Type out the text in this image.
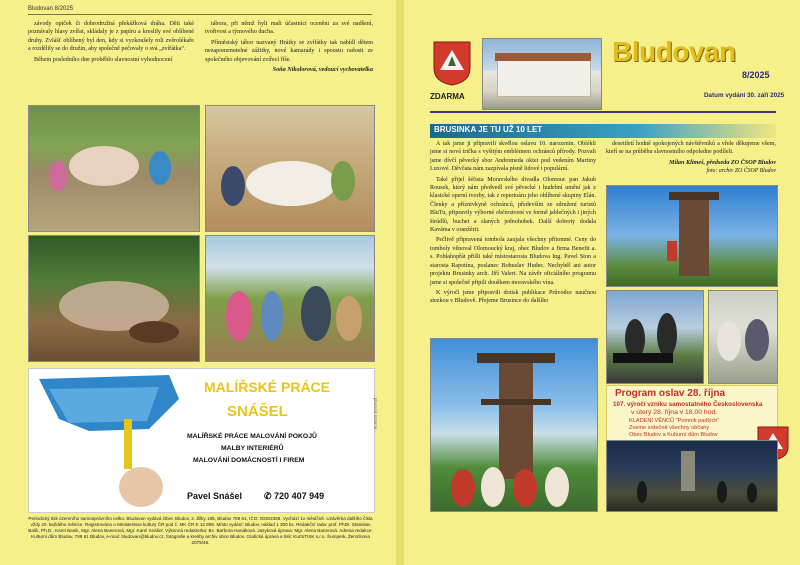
Bludovan 8/2025

závody opiček či dobrodružná překážková dráha. Děti také poznávaly hlasy zvířat, skládaly je z papíru a kreslily své oblíbené druhy. Zvlášť oblíbený byl den, kdy si vyzkoušely roli zvěrolékaře a rozdělily se do družin, aby společně pečovaly o svá „zvířátka“.

Během posledního dne proběhlo slavnostní vyhodnocení

tábora, při němž byli mali účastníci oceněni za své nadšení, tvořivost a týmového ducha.

Příměstský tábor nazvaný Hrátky se zvířátky tak nabídl dětem nezapomenutelné zážitky, nové kamarády i spoustu radosti ze společného objevování zvířecí říše.

Soňa Nikolorová, vedoucí vychovatelka
MALÍŘSKÉ PRÁCE
SNÁŠEL
MALÍŘSKÉ PRÁCE MALOVÁNÍ POKOJŮ
MALBY INTERIÉRŮ
MALOVÁNÍ DOMÁCNOSTÍ I FIREM
Pavel Snášel ✆ 720 407 949
- placená inzerce -
Periodický tisk územního samosprávního celku. Bludovan vydává Obec Bludov, 2. Žilky 195, Bludov 789 61, IČO: 00302368. Vychází 1x měsíčně. Uzávěrka dalšího čísla vždy 20. každého měsíce. Registrováno u Ministerstva kultury ČR pod č. MK ČR E 12 895. Místo vydání: Bludov, náklad 1 300 ks. Redakční rada: prof. PhDr. Stanislav Balík, Ph.D., Karel Banik, Mgr. Alena Banerová, Mgr. Karel Snášel. Výkonná redaktorka: Bc. Barbora Hanáková. Jazyková úprava: Mgr. Alena Banerová. Adresa redakce: Kulturní dům Bludov, 789 61 Bludov, e-mail: bludovan@bludov.cz, fotografie a kresby archiv obce Bludov. Grafická úprava a tisk: KurtoTISK s.r.o. Šumperk, Žerotínova 2075/48.
ZDARMA
Bludovan
8/2025
Datum vydání 30. září 2025
BRUSINKA JE TU UŽ 10 LET

A tak jsme ji připravili skvělou oslavu 10. narozenin. Oblékli jsme si nová trička s vyšitým emblémem ochránců přírody. Pozvali jsme dívčí pěvecký sbor Andromeda oktet pod vedením Martiny Luxové. Děvčata nám zazpívala písně lidové i populární.

Také přijel šéfista Moravského divadla Olomouc pan Jakub Rousek, který nám předvedl své pěvecké i hudební umění jak z klasické operní tvorby, tak z repertoáru jeho oblíbené skupiny Elán. Členky a příznivkyně ochránců, především ze sdružení turistů BluTu, připravily výborné občerstvení ve formě jablečných i jiných štrúdlů, buchet a slaných jednohubek. Další dobroty dodala Kaváma v oranžérii.

Pečlivě připravená tombola zaujala všechny přítomné. Ceny do tomboly věnoval Olomoucký kraj, obec Bludov a firma Benefit a. s. Poblahopřát přišli také místostarosta Bludova Ing. Pavel Ston a starosta Rapotína, poslanec Bohuslav Hudec. Nechyběl ani autor projektu Brusinky arch. Jiří Valert. Na závěr oficiálního programu jsme si společně připili douškem moravského vína.

K výročí jsme připravili dotisk publikace Průvodce naučnou stezkou v Bludově. Přejeme Brusince do dalšího

desetiletí hodně spokojených návštěvníků a vřele děkujeme všem, kteří se na průběhu slavnostního odpoledne podíleli.

Milan Klimeš, předseda ZO ČSOP Bludov
foto: archiv ZO ČSOP Bludov
Program oslav 28. října
107. výročí vzniku samostatného Československa
v úterý 28. října v 18.00 hod.
KLADENÍ VĚNCŮ "Pomník padlých"
Zveme srdečně všechny občany
Obec Bludov a Kulturní dům Bludov
